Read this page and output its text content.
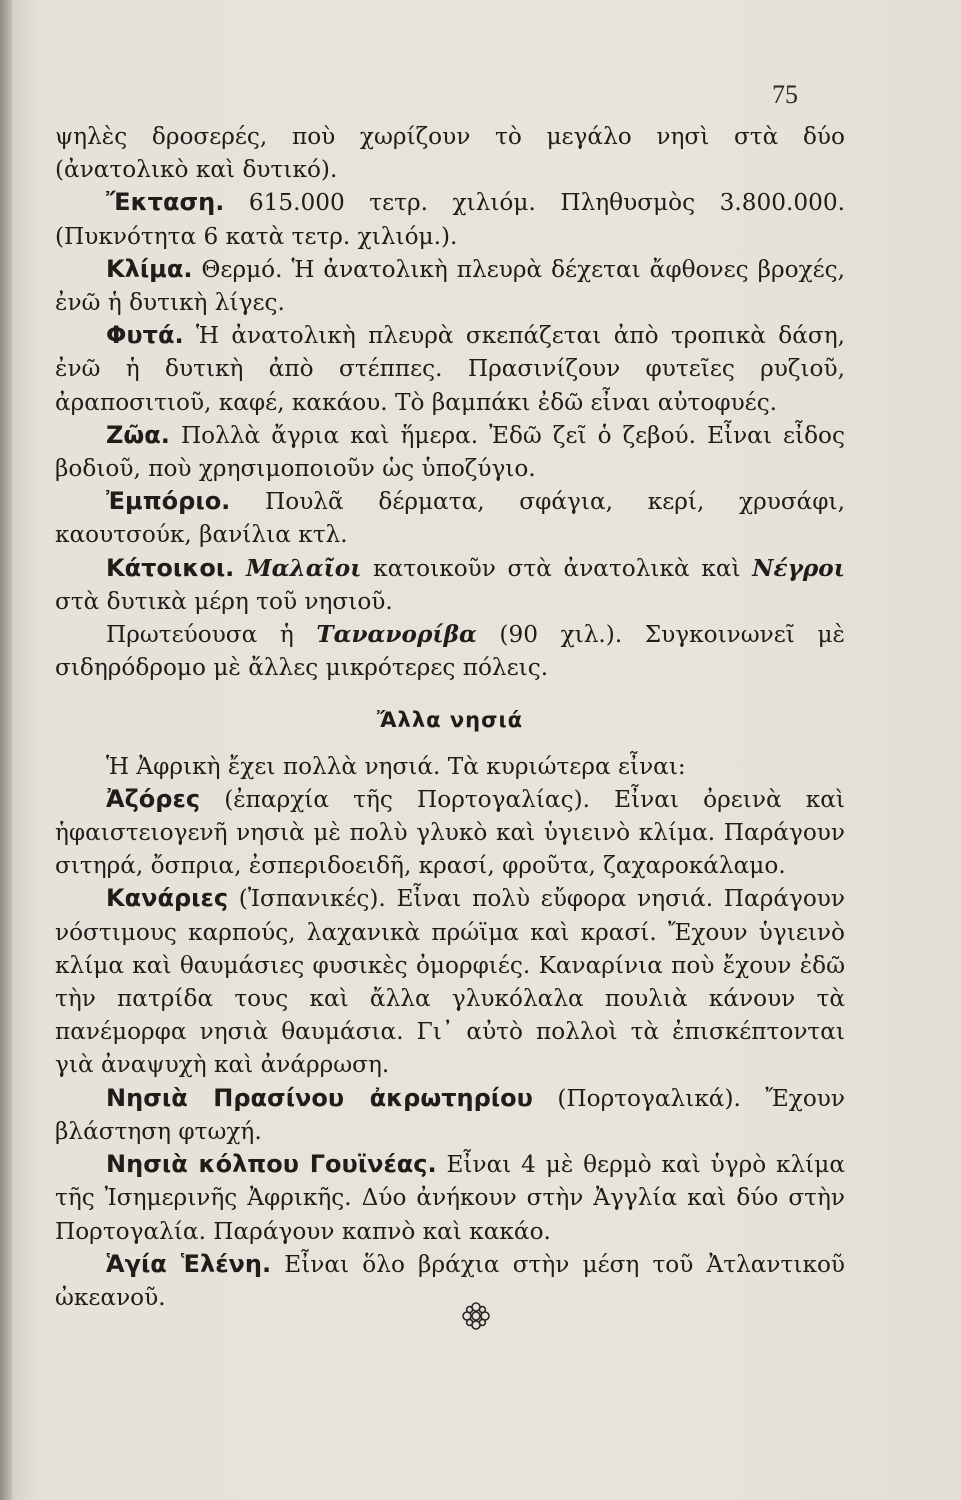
75

ψηλὲς δροσερές, ποὺ χωρίζουν τὸ μεγάλο νησὶ στὰ δύο (ἀνατολικὸ καὶ δυτικό).

Ἔκταση. 615.000 τετρ. χιλιόμ. Πληθυσμὸς 3.800.000. (Πυκνότητα 6 κατὰ τετρ. χιλιόμ.).

Κλίμα. Θερμό. Ἡ ἀνατολικὴ πλευρὰ δέχεται ἄφθονες βροχές, ἐνῶ ἡ δυτικὴ λίγες.

Φυτά. Ἡ ἀνατολικὴ πλευρὰ σκεπάζεται ἀπὸ τροπικὰ δάση, ἐνῶ ἡ δυτικὴ ἀπὸ στέππες. Πρασινίζουν φυτεῖες ρυζιοῦ, ἀραποσιτιοῦ, καφέ, κακάου. Τὸ βαμπάκι ἐδῶ εἶναι αὐτοφυές.

Ζῶα. Πολλὰ ἄγρια καὶ ἥμερα. Ἐδῶ ζεῖ ὁ ζεβού. Εἶναι εἶδος βοδιοῦ, ποὺ χρησιμοποιοῦν ὡς ὑποζύγιο.

Ἐμπόριο. Πουλᾶ δέρματα, σφάγια, κερί, χρυσάφι, καουτσούκ, βανίλια κτλ.

Κάτοικοι. Μαλαῖοι κατοικοῦν στὰ ἀνατολικὰ καὶ Νέγροι στὰ δυτικὰ μέρη τοῦ νησιοῦ.

Πρωτεύουσα ἡ Τανανορίβα (90 χιλ.). Συγκοινωνεῖ μὲ σιδηρόδρομο μὲ ἄλλες μικρότερες πόλεις.

Ἄλλα νησιά

Ἡ Ἀφρικὴ ἔχει πολλὰ νησιά. Τὰ κυριώτερα εἶναι:

Ἀζόρες (ἐπαρχία τῆς Πορτογαλίας). Εἶναι ὀρεινὰ καὶ ἡφαιστειογενῆ νησιὰ μὲ πολὺ γλυκὸ καὶ ὑγιεινὸ κλίμα. Παράγουν σιτηρά, ὄσπρια, ἐσπεριδοειδῆ, κρασί, φροῦτα, ζαχαροκάλαμο.

Κανάριες (Ἰσπανικές). Εἶναι πολὺ εὔφορα νησιά. Παράγουν νόστιμους καρπούς, λαχανικὰ πρώϊμα καὶ κρασί. Ἔχουν ὑγιεινὸ κλίμα καὶ θαυμάσιες φυσικὲς ὀμορφιές. Καναρίνια ποὺ ἔχουν ἐδῶ τὴν πατρίδα τους καὶ ἄλλα γλυκόλαλα πουλιὰ κάνουν τὰ πανέμορφα νησιὰ θαυμάσια. Γι᾿ αὐτὸ πολλοὶ τὰ ἐπισκέπτονται γιὰ ἀναψυχὴ καὶ ἀνάρρωση.

Νησιὰ Πρασίνου ἀκρωτηρίου (Πορτογαλικά). Ἔχουν βλάστηση φτωχή.

Νησιὰ κόλπου Γουϊνέας. Εἶναι 4 μὲ θερμὸ καὶ ὑγρὸ κλίμα τῆς Ἰσημερινῆς Ἀφρικῆς. Δύο ἀνήκουν στὴν Ἀγγλία καὶ δύο στὴν Πορτογαλία. Παράγουν καπνὸ καὶ κακάο.

Ἁγία Ἑλένη. Εἶναι ὅλο βράχια στὴν μέση τοῦ Ἀτλαντικοῦ ὠκεανοῦ.
